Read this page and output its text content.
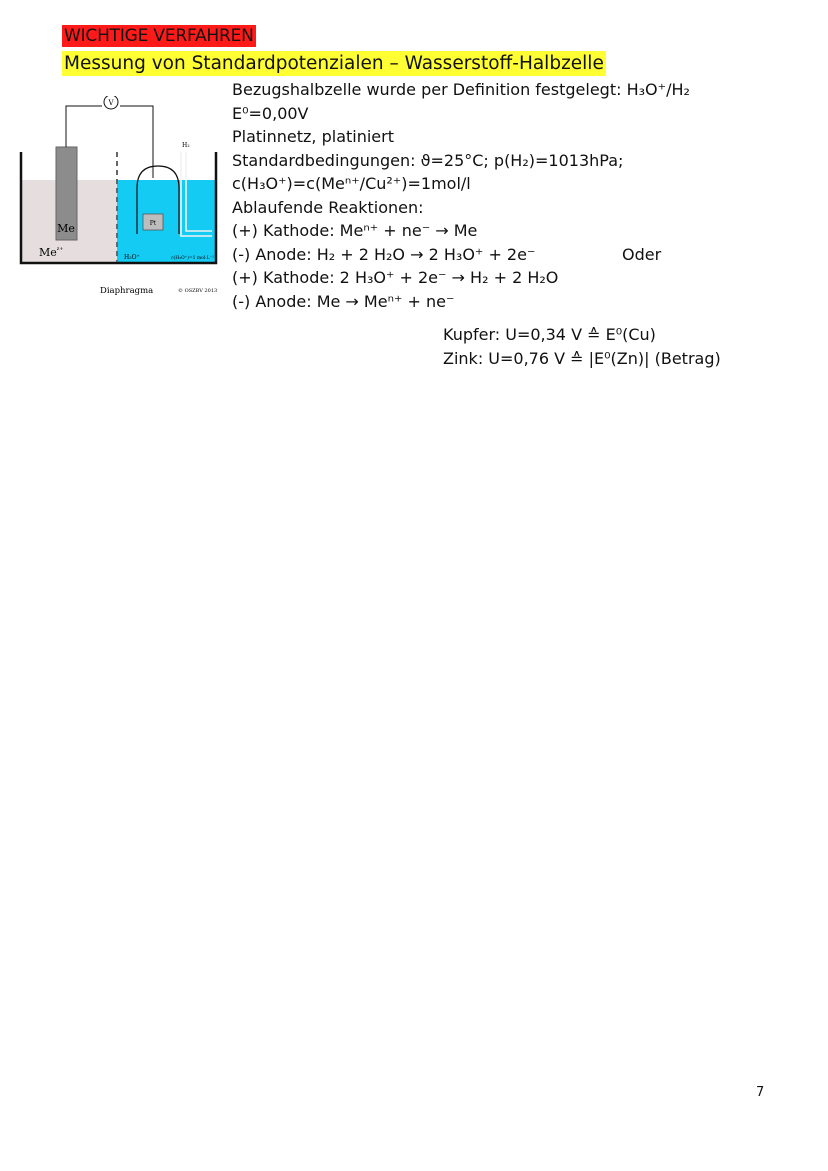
WICHTIGE VERFAHREN
Messung von Standardpotenzialen – Wasserstoff-Halbzelle
V
Pt
H₂
Me
$Me^{z+}$
H₃O⁺	c(H₃O⁺)=1 mol·L⁻¹
Diaphragma	© OSZBV 2013
Bezugshalbzelle wurde per Definition festgelegt: H₃O⁺/H₂
E⁰=0,00V
Platinnetz, platiniert
Standardbedingungen: ϑ=25°C; p(H₂)=1013hPa;
c(H₃O⁺)=c(Meⁿ⁺/Cu²⁺)=1mol/l
Ablaufende Reaktionen:
(+) Kathode: Meⁿ⁺ + ne⁻ → Me
(-) Anode: H₂ + 2 H₂O → 2 H₃O⁺ + 2e⁻	Oder
(+) Kathode: 2 H₃O⁺ + 2e⁻ → H₂ + 2 H₂O
(-) Anode: Me → Meⁿ⁺ + ne⁻
Kupfer: U=0,34 V ≙ E⁰(Cu)
Zink: U=0,76 V ≙ |E⁰(Zn)| (Betrag)
7
